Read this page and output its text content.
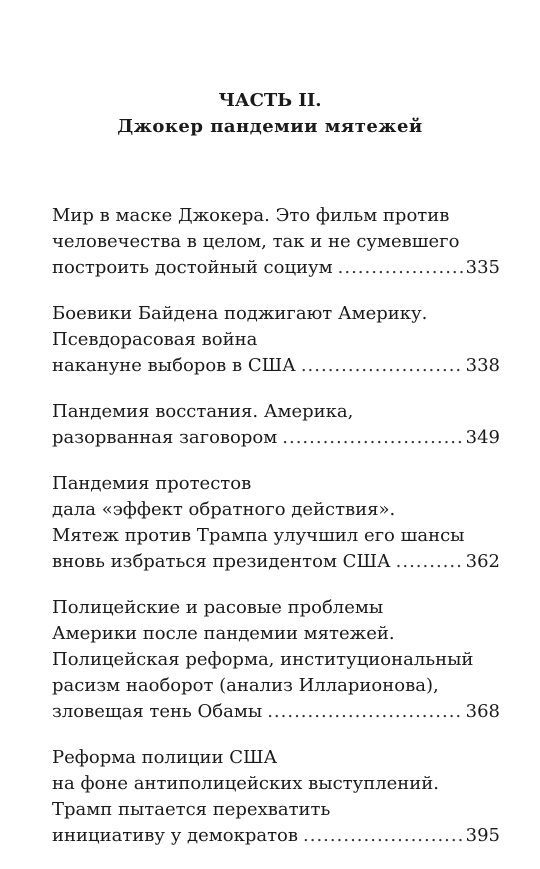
ЧАСТЬ II.
Джокер пандемии мятежей
Мир в маске Джокера. Это фильм против
человечества в целом, так и не сумевшего
построить достойный социум .....	335
Боевики Байдена поджигают Америку.
Псевдорасовая война
накануне выборов в США .....	338
Пандемия восстания. Америка,
разорванная заговором .....	349
Пандемия протестов
дала «эффект обратного действия».
Мятеж против Трампа улучшил его шансы
вновь избраться президентом США .....	362
Полицейские и расовые проблемы
Америки после пандемии мятежей.
Полицейская реформа, институциональный
расизм наоборот (анализ Илларионова),
зловещая тень Обамы .....	368
Реформа полиции США
на фоне антиполицейских выступлений.
Трамп пытается перехватить
инициативу у демократов .....	395
